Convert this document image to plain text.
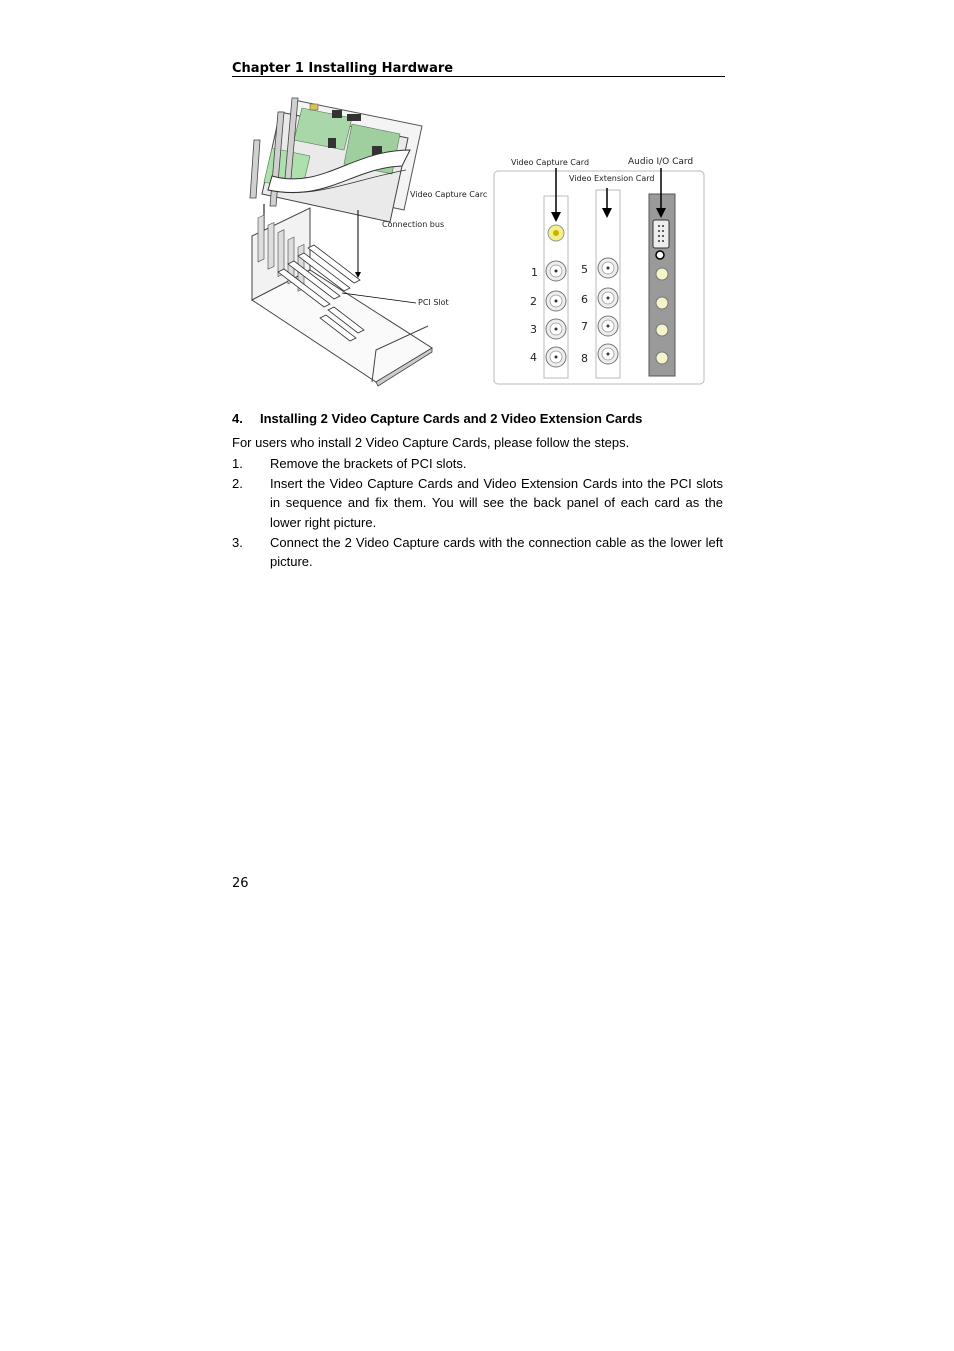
Chapter 1 Installing Hardware
Video Capture Carc
Connection bus
PCI Slot
Video Capture Card
Video Extension Card
Audio I/O Card
1
2
3
4
5
6
7
8
4. Installing 2 Video Capture Cards and 2 Video Extension Cards
For users who install 2 Video Capture Cards, please follow the steps.
1. Remove the brackets of PCI slots.
2. Insert the Video Capture Cards and Video Extension Cards into the PCI slots in sequence and fix them. You will see the back panel of each card as the lower right picture.
3. Connect the 2 Video Capture cards with the connection cable as the lower left picture.
26
